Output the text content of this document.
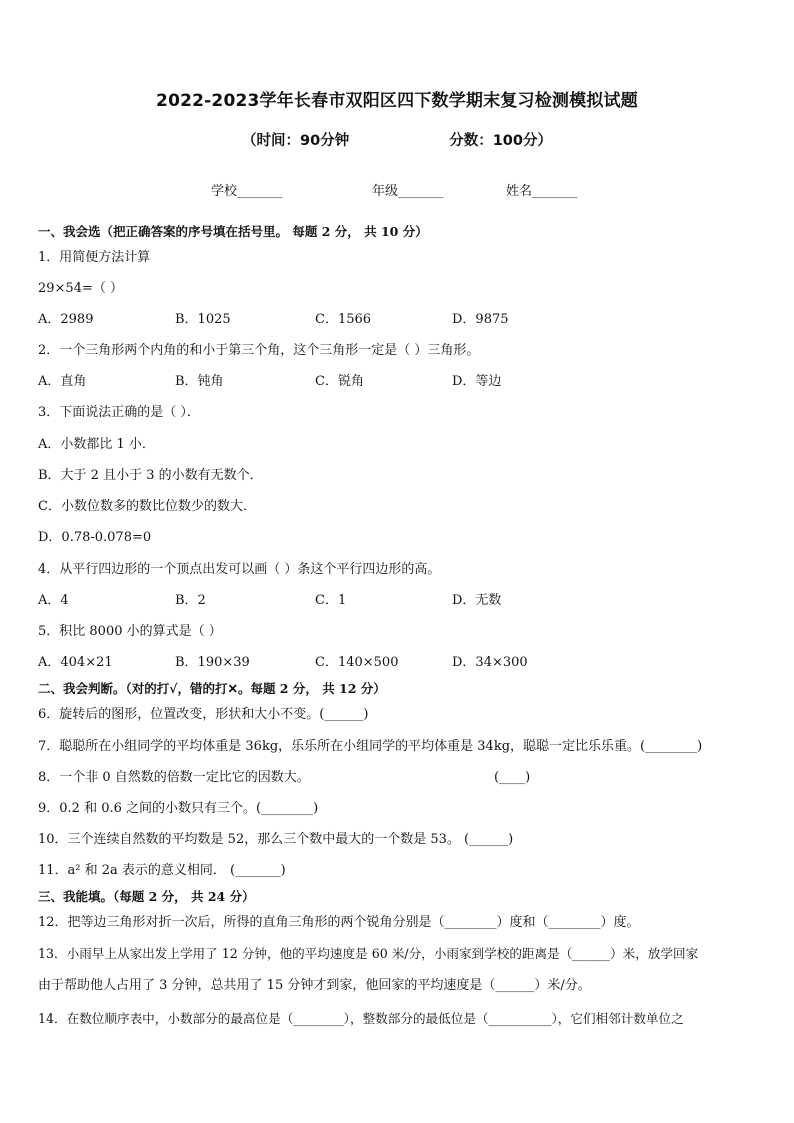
2022-2023学年长春市双阳区四下数学期末复习检测模拟试题
（时间：90分钟	分数：100分）
学校_______	年级_______	姓名_______
一、我会选（把正确答案的序号填在括号里。 每题 2 分， 共 10 分）
1．用简便方法计算
29×54=（ ）
A．2989	B．1025	C．1566	D．9875
2．一个三角形两个内角的和小于第三个角，这个三角形一定是（ ）三角形。
A．直角	B．钝角	C．锐角	D．等边
3．下面说法正确的是（ ）．
A．小数都比 1 小．
B．大于 2 且小于 3 的小数有无数个．
C．小数位数多的数比位数少的数大．
D．0.78-0.078=0
4．从平行四边形的一个顶点出发可以画（ ）条这个平行四边形的高。
A．4	B．2	C．1	D．无数
5．积比 8000 小的算式是（ ）
A．404×21	B．190×39	C．140×500	D．34×300
二、我会判断。（对的打√，错的打✕。每题 2 分， 共 12 分）
6．旋转后的图形，位置改变，形状和大小不变。(______)
7．聪聪所在小组同学的平均体重是 36kg，乐乐所在小组同学的平均体重是 34kg，聪聪一定比乐乐重。(________)
8．一个非 0 自然数的倍数一定比它的因数大。	(____)
9．0.2 和 0.6 之间的小数只有三个。(________)
10．三个连续自然数的平均数是 52，那么三个数中最大的一个数是 53。 (______)
11．a² 和 2a 表示的意义相同． (_______)
三、我能填。（每题 2 分， 共 24 分）
12．把等边三角形对折一次后，所得的直角三角形的两个锐角分别是（________）度和（________）度。
13．小雨早上从家出发上学用了 12 分钟，他的平均速度是 60 米/分，小雨家到学校的距离是（______）米，放学回家
由于帮助他人占用了 3 分钟，总共用了 15 分钟才到家，他回家的平均速度是（______）米/分。
14．在数位顺序表中，小数部分的最高位是（________），整数部分的最低位是（__________），它们相邻计数单位之
